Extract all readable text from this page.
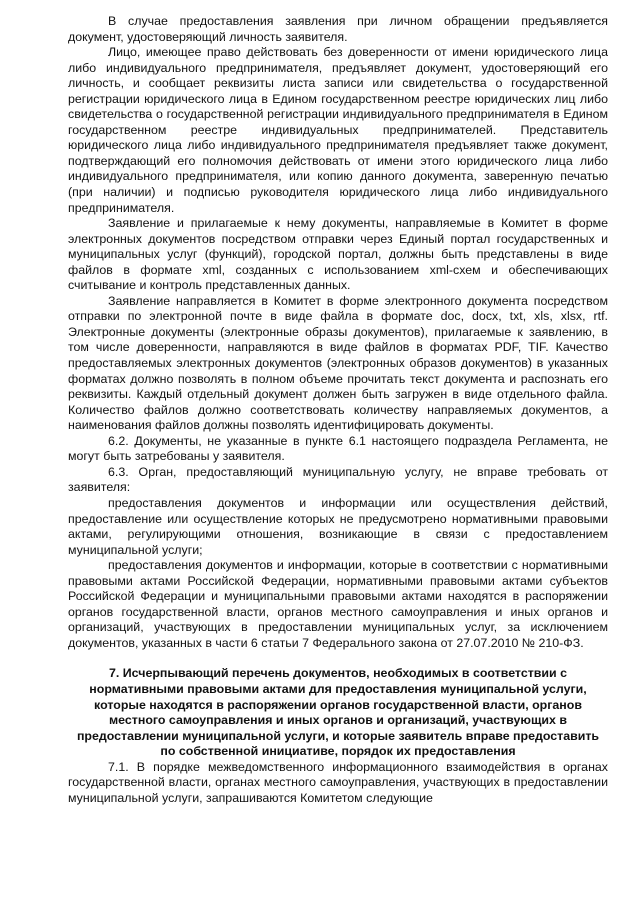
В случае предоставления заявления при личном обращении предъявляется документ, удостоверяющий личность заявителя.

Лицо, имеющее право действовать без доверенности от имени юридического лица либо индивидуального предпринимателя, предъявляет документ, удостоверяющий его личность, и сообщает реквизиты листа записи или свидетельства о государственной регистрации юридического лица в Едином государственном реестре юридических лиц либо свидетельства о государственной регистрации индивидуального предпринимателя в Едином государственном реестре индивидуальных предпринимателей. Представитель юридического лица либо индивидуального предпринимателя предъявляет также документ, подтверждающий его полномочия действовать от имени этого юридического лица либо индивидуального предпринимателя, или копию данного документа, заверенную печатью (при наличии) и подписью руководителя юридического лица либо индивидуального предпринимателя.

Заявление и прилагаемые к нему документы, направляемые в Комитет в форме электронных документов посредством отправки через Единый портал государственных и муниципальных услуг (функций), городской портал, должны быть представлены в виде файлов в формате xml, созданных с использованием xml-схем и обеспечивающих считывание и контроль представленных данных.

Заявление направляется в Комитет в форме электронного документа посредством отправки по электронной почте в виде файла в формате doc, docx, txt, xls, xlsx, rtf. Электронные документы (электронные образы документов), прилагаемые к заявлению, в том числе доверенности, направляются в виде файлов в форматах PDF, TIF. Качество предоставляемых электронных документов (электронных образов документов) в указанных форматах должно позволять в полном объеме прочитать текст документа и распознать его реквизиты. Каждый отдельный документ должен быть загружен в виде отдельного файла. Количество файлов должно соответствовать количеству направляемых документов, а наименования файлов должны позволять идентифицировать документы.

6.2. Документы, не указанные в пункте 6.1 настоящего подраздела Регламента, не могут быть затребованы у заявителя.

6.3. Орган, предоставляющий муниципальную услугу, не вправе требовать от заявителя:

предоставления документов и информации или осуществления действий, предоставление или осуществление которых не предусмотрено нормативными правовыми актами, регулирующими отношения, возникающие в связи с предоставлением муниципальной услуги;

предоставления документов и информации, которые в соответствии с нормативными правовыми актами Российской Федерации, нормативными правовыми актами субъектов Российской Федерации и муниципальными правовыми актами находятся в распоряжении органов государственной власти, органов местного самоуправления и иных органов и организаций, участвующих в предоставлении муниципальных услуг, за исключением документов, указанных в части 6 статьи 7 Федерального закона от 27.07.2010 № 210-ФЗ.

7. Исчерпывающий перечень документов, необходимых в соответствии с нормативными правовыми актами для предоставления муниципальной услуги, которые находятся в распоряжении органов государственной власти, органов местного самоуправления и иных органов и организаций, участвующих в предоставлении муниципальной услуги, и которые заявитель вправе предоставить по собственной инициативе, порядок их предоставления

7.1. В порядке межведомственного информационного взаимодействия в органах государственной власти, органах местного самоуправления, участвующих в предоставлении муниципальной услуги, запрашиваются Комитетом следующие
